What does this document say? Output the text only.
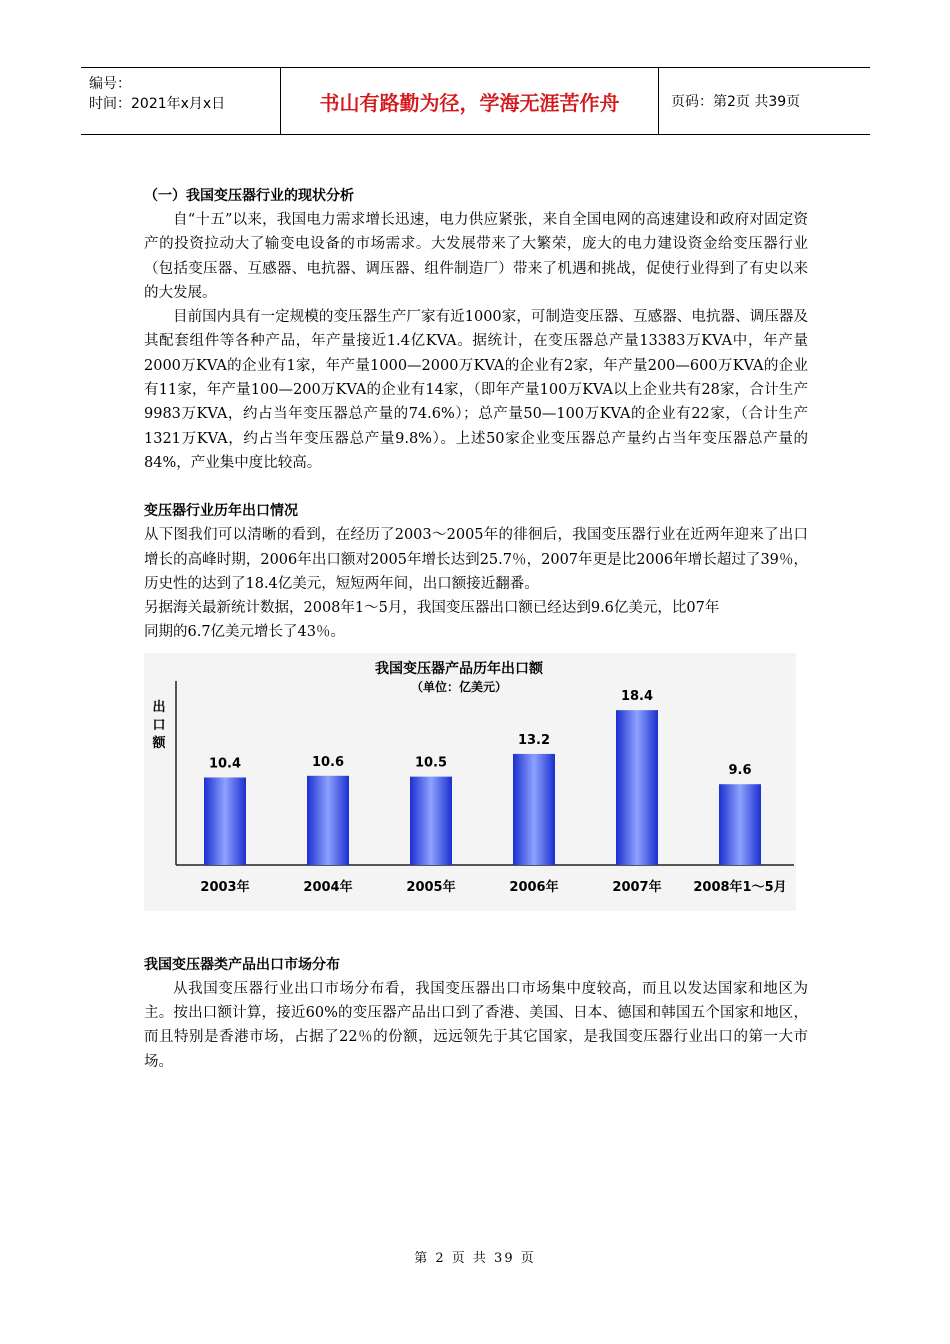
编号：
时间：2021年x月x日	书山有路勤为径，学海无涯苦作舟	页码：第2页 共39页

（一）我国变压器行业的现状分析

自“十五”以来，我国电力需求增长迅速，电力供应紧张，来自全国电网的高速建设和政府对固定资产的投资拉动大了输变电设备的市场需求。大发展带来了大繁荣，庞大的电力建设资金给变压器行业（包括变压器、互感器、电抗器、调压器、组件制造厂）带来了机遇和挑战，促使行业得到了有史以来的大发展。

目前国内具有一定规模的变压器生产厂家有近1000家，可制造变压器、互感器、电抗器、调压器及其配套组件等各种产品，年产量接近1.4亿KVA。据统计，在变压器总产量13383万KVA中，年产量2000万KVA的企业有1家，年产量1000—2000万KVA的企业有2家，年产量200—600万KVA的企业有11家，年产量100—200万KVA的企业有14家，（即年产量100万KVA以上企业共有28家，合计生产9983万KVA，约占当年变压器总产量的74.6%）；总产量50—100万KVA的企业有22家，（合计生产1321万KVA，约占当年变压器总产量9.8%）。上述50家企业变压器总产量约占当年变压器总产量的84%，产业集中度比较高。

变压器行业历年出口情况

从下图我们可以清晰的看到，在经历了2003～2005年的徘徊后，我国变压器行业在近两年迎来了出口增长的高峰时期，2006年出口额对2005年增长达到25.7％，2007年更是比2006年增长超过了39％，历史性的达到了18.4亿美元，短短两年间，出口额接近翻番。

另据海关最新统计数据，2008年1～5月，我国变压器出口额已经达到9.6亿美元，比07年

同期的6.7亿美元增长了43％。

我国变压器产品历年出口额
（单位：亿美元）
出
口
额
10.4
2003年
10.6
2004年
10.5
2005年
13.2
2006年
18.4
2007年
9.6
2008年1～5月

我国变压器类产品出口市场分布

从我国变压器行业出口市场分布看，我国变压器出口市场集中度较高，而且以发达国家和地区为主。按出口额计算，接近60%的变压器产品出口到了香港、美国、日本、德国和韩国五个国家和地区，而且特别是香港市场，占据了22％的份额，远远领先于其它国家，是我国变压器行业出口的第一大市场。

第 2 页 共 39 页
